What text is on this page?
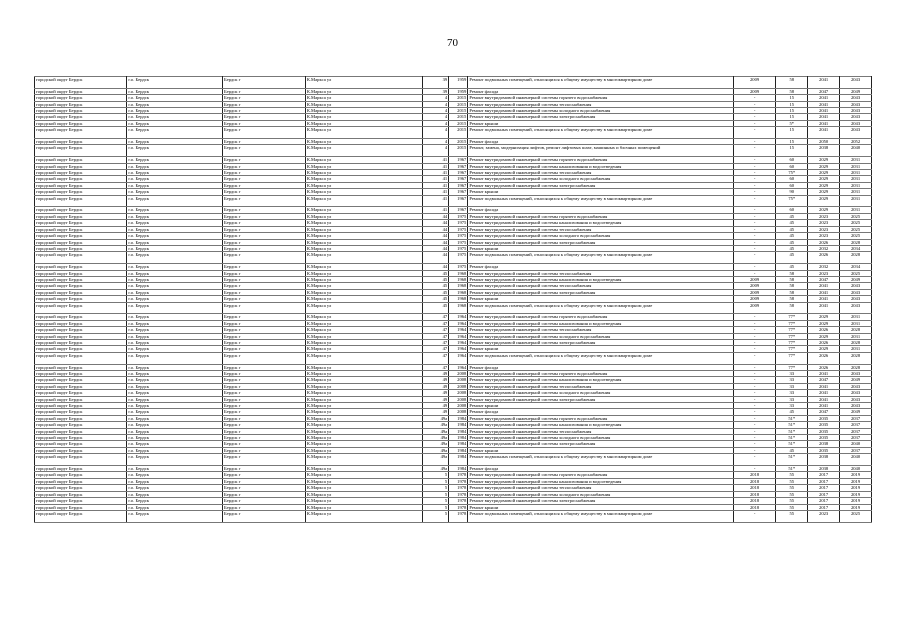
70
городской округ Бердск	г.о. Бердск	Бердск г	К.Маркса ул	39	1959	Ремонт подвальных помещений, относящихся к общему имуществу в многоквартирном доме	2009	58	2041	2043
городской округ Бердск	г.о. Бердск	Бердск г	К.Маркса ул	39	1959	Ремонт фасада	2009	58	2047	2049
городской округ Бердск	г.о. Бердск	Бердск г	К.Маркса ул	4	2015	Ремонт внутридомовой инженерной системы горячего водоснабжения	-	15	2041	2043
городской округ Бердск	г.о. Бердск	Бердск г	К.Маркса ул	4	2015	Ремонт внутридомовой инженерной системы теплоснабжения	-	15	2041	2043
городской округ Бердск	г.о. Бердск	Бердск г	К.Маркса ул	4	2015	Ремонт внутридомовой инженерной системы холодного водоснабжения	-	15	2041	2043
городской округ Бердск	г.о. Бердск	Бердск г	К.Маркса ул	4	2015	Ремонт внутридомовой инженерной системы электроснабжения	-	15	2041	2043
городской округ Бердск	г.о. Бердск	Бердск г	К.Маркса ул	4	2015	Ремонт крыши	-	5*	2041	2043
городской округ Бердск	г.о. Бердск	Бердск г	К.Маркса ул	4	2015	Ремонт подвальных помещений, относящихся к общему имуществу в многоквартирном доме	-	15	2041	2043
городской округ Бердск	г.о. Бердск	Бердск г	К.Маркса ул	4	2015	Ремонт фасада	-	15	2050	2052
городской округ Бердск	г.о. Бердск	Бердск г	К.Маркса ул	4	2015	Ремонт, замена, модернизация лифтов, ремонт лифтовых шахт, машинных и блочных помещений	-	15	2038	2040
городской округ Бердск	г.о. Бердск	Бердск г	К.Маркса ул	41	1967	Ремонт внутридомовой инженерной системы горячего водоснабжения	-	60	2029	2031
городской округ Бердск	г.о. Бердск	Бердск г	К.Маркса ул	41	1967	Ремонт внутридомовой инженерной системы канализования и водоотведения	-	60	2029	2031
городской округ Бердск	г.о. Бердск	Бердск г	К.Маркса ул	41	1967	Ремонт внутридомовой инженерной системы теплоснабжения	-	75*	2029	2031
городской округ Бердск	г.о. Бердск	Бердск г	К.Маркса ул	41	1967	Ремонт внутридомовой инженерной системы холодного водоснабжения	-	60	2029	2031
городской округ Бердск	г.о. Бердск	Бердск г	К.Маркса ул	41	1967	Ремонт внутридомовой инженерной системы электроснабжения	-	60	2029	2031
городской округ Бердск	г.о. Бердск	Бердск г	К.Маркса ул	41	1967	Ремонт крыши	-	90	2029	2031
городской округ Бердск	г.о. Бердск	Бердск г	К.Маркса ул	41	1967	Ремонт подвальных помещений, относящихся к общему имуществу в многоквартирном доме	-	75*	2029	2031
городской округ Бердск	г.о. Бердск	Бердск г	К.Маркса ул	41	1967	Ремонт фасада	-	60	2029	2031
городской округ Бердск	г.о. Бердск	Бердск г	К.Маркса ул	44	1975	Ремонт внутридомовой инженерной системы горячего водоснабжения	-	45	2023	2025
городской округ Бердск	г.о. Бердск	Бердск г	К.Маркса ул	44	1975	Ремонт внутридомовой инженерной системы канализования и водоотведения	-	45	2023	2025
городской округ Бердск	г.о. Бердск	Бердск г	К.Маркса ул	44	1975	Ремонт внутридомовой инженерной системы теплоснабжения	-	45	2023	2025
городской округ Бердск	г.о. Бердск	Бердск г	К.Маркса ул	44	1975	Ремонт внутридомовой инженерной системы холодного водоснабжения	-	45	2023	2025
городской округ Бердск	г.о. Бердск	Бердск г	К.Маркса ул	44	1975	Ремонт внутридомовой инженерной системы электроснабжения	-	45	2026	2028
городской округ Бердск	г.о. Бердск	Бердск г	К.Маркса ул	44	1975	Ремонт крыши	-	45	2032	2034
городской округ Бердск	г.о. Бердск	Бердск г	К.Маркса ул	44	1975	Ремонт подвальных помещений, относящихся к общему имуществу в многоквартирном доме	-	45	2026	2028
городской округ Бердск	г.о. Бердск	Бердск г	К.Маркса ул	44	1975	Ремонт фасада	-	45	2032	2034
городской округ Бердск	г.о. Бердск	Бердск г	К.Маркса ул	45	1968	Ремонт внутридомовой инженерной системы теплоснабжения	-	58	2023	2025
городской округ Бердск	г.о. Бердск	Бердск г	К.Маркса ул	45	1968	Ремонт внутридомовой инженерной системы канализования и водоотведения	2009	58	2047	2049
городской округ Бердск	г.о. Бердск	Бердск г	К.Маркса ул	45	1968	Ремонт внутридомовой инженерной системы теплоснабжения	2009	58	2041	2043
городской округ Бердск	г.о. Бердск	Бердск г	К.Маркса ул	45	1968	Ремонт внутридомовой инженерной системы электроснабжения	2009	58	2041	2043
городской округ Бердск	г.о. Бердск	Бердск г	К.Маркса ул	45	1968	Ремонт крыши	2009	58	2041	2043
городской округ Бердск	г.о. Бердск	Бердск г	К.Маркса ул	45	1968	Ремонт подвальных помещений, относящихся к общему имуществу в многоквартирном доме	2009	58	2041	2043
городской округ Бердск	г.о. Бердск	Бердск г	К.Маркса ул	47	1964	Ремонт внутридомовой инженерной системы горячего водоснабжения	-	77*	2029	2031
городской округ Бердск	г.о. Бердск	Бердск г	К.Маркса ул	47	1964	Ремонт внутридомовой инженерной системы канализования и водоотведения	-	77*	2029	2031
городской округ Бердск	г.о. Бердск	Бердск г	К.Маркса ул	47	1964	Ремонт внутридомовой инженерной системы теплоснабжения	-	77*	2026	2028
городской округ Бердск	г.о. Бердск	Бердск г	К.Маркса ул	47	1964	Ремонт внутридомовой инженерной системы холодного водоснабжения	-	77*	2029	2031
городской округ Бердск	г.о. Бердск	Бердск г	К.Маркса ул	47	1964	Ремонт внутридомовой инженерной системы электроснабжения	-	77*	2026	2028
городской округ Бердск	г.о. Бердск	Бердск г	К.Маркса ул	47	1964	Ремонт крыши	-	77*	2029	2031
городской округ Бердск	г.о. Бердск	Бердск г	К.Маркса ул	47	1964	Ремонт подвальных помещений, относящихся к общему имуществу в многоквартирном доме	-	77*	2026	2028
городской округ Бердск	г.о. Бердск	Бердск г	К.Маркса ул	47	1964	Ремонт фасада	-	77*	2026	2028
городской округ Бердск	г.о. Бердск	Бердск г	К.Маркса ул	49	2008	Ремонт внутридомовой инженерной системы горячего водоснабжения	-	33	2041	2043
городской округ Бердск	г.о. Бердск	Бердск г	К.Маркса ул	49	2008	Ремонт внутридомовой инженерной системы канализования и водоотведения	-	33	2047	2049
городской округ Бердск	г.о. Бердск	Бердск г	К.Маркса ул	49	2008	Ремонт внутридомовой инженерной системы теплоснабжения	-	33	2041	2043
городской округ Бердск	г.о. Бердск	Бердск г	К.Маркса ул	49	2008	Ремонт внутридомовой инженерной системы холодного водоснабжения	-	33	2041	2043
городской округ Бердск	г.о. Бердск	Бердск г	К.Маркса ул	49	2008	Ремонт внутридомовой инженерной системы электроснабжения	-	33	2041	2043
городской округ Бердск	г.о. Бердск	Бердск г	К.Маркса ул	49	2008	Ремонт крыши	-	33	2041	2043
городской округ Бердск	г.о. Бердск	Бердск г	К.Маркса ул	49	2008	Ремонт фасада	-	45	2047	2049
городской округ Бердск	г.о. Бердск	Бердск г	К.Маркса ул	49а	1984	Ремонт внутридомовой инженерной системы горячего водоснабжения	-	51*	2035	2037
городской округ Бердск	г.о. Бердск	Бердск г	К.Маркса ул	49а	1984	Ремонт внутридомовой инженерной системы канализования и водоотведения	-	51*	2035	2037
городской округ Бердск	г.о. Бердск	Бердск г	К.Маркса ул	49а	1984	Ремонт внутридомовой инженерной системы теплоснабжения	-	51*	2035	2037
городской округ Бердск	г.о. Бердск	Бердск г	К.Маркса ул	49а	1984	Ремонт внутридомовой инженерной системы холодного водоснабжения	-	51*	2035	2037
городской округ Бердск	г.о. Бердск	Бердск г	К.Маркса ул	49а	1984	Ремонт внутридомовой инженерной системы электроснабжения	-	51*	2038	2040
городской округ Бердск	г.о. Бердск	Бердск г	К.Маркса ул	49а	1984	Ремонт крыши	-	45	2035	2037
городской округ Бердск	г.о. Бердск	Бердск г	К.Маркса ул	49а	1984	Ремонт подвальных помещений, относящихся к общему имуществу в многоквартирном доме	-	51*	2038	2040
городской округ Бердск	г.о. Бердск	Бердск г	К.Маркса ул	49а	1984	Ремонт фасада	-	51*	2038	2040
городской округ Бердск	г.о. Бердск	Бердск г	К.Маркса ул	5	1978	Ремонт внутридомовой инженерной системы горячего водоснабжения	2018	55	2017	2019
городской округ Бердск	г.о. Бердск	Бердск г	К.Маркса ул	5	1978	Ремонт внутридомовой инженерной системы канализования и водоотведения	2018	55	2017	2019
городской округ Бердск	г.о. Бердск	Бердск г	К.Маркса ул	5	1978	Ремонт внутридомовой инженерной системы теплоснабжения	2018	55	2017	2019
городской округ Бердск	г.о. Бердск	Бердск г	К.Маркса ул	5	1978	Ремонт внутридомовой инженерной системы холодного водоснабжения	2018	55	2017	2019
городской округ Бердск	г.о. Бердск	Бердск г	К.Маркса ул	5	1978	Ремонт внутридомовой инженерной системы электроснабжения	2018	55	2017	2019
городской округ Бердск	г.о. Бердск	Бердск г	К.Маркса ул	5	1978	Ремонт крыши	2018	55	2017	2019
городской округ Бердск	г.о. Бердск	Бердск г	К.Маркса ул	5	1978	Ремонт подвальных помещений, относящихся к общему имуществу в многоквартирном доме	-	55	2023	2025
